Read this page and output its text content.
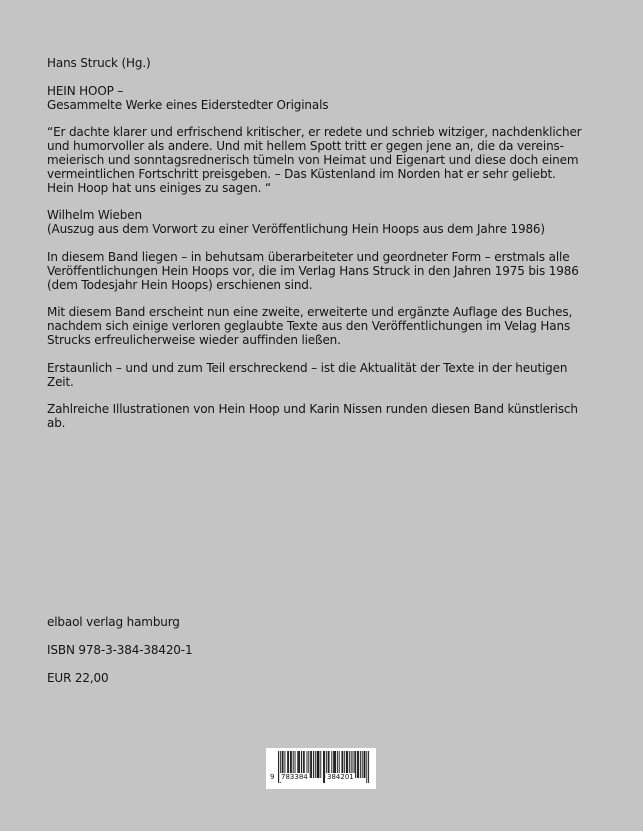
Hans Struck (Hg.)

HEIN HOOP –

Gesammelte Werke eines Eiderstedter Originals

“Er dachte klarer und erfrischend kritischer, er redete und schrieb witziger, nachdenklicher
und humorvoller als andere. Und mit hellem Spott tritt er gegen jene an, die da vereins-
meierisch und sonntagsrednerisch tümeln von Heimat und Eigenart und diese doch einem
vermeintlichen Fortschritt preisgeben. – Das Küstenland im Norden hat er sehr geliebt.
Hein Hoop hat uns einiges zu sagen. “

Wilhelm Wieben

(Auszug aus dem Vorwort zu einer Veröffentlichung Hein Hoops aus dem Jahre 1986)

In diesem Band liegen – in behutsam überarbeiteter und geordneter Form – erstmals alle
Veröffentlichungen Hein Hoops vor, die im Verlag Hans Struck in den Jahren 1975 bis 1986
(dem Todesjahr Hein Hoops) erschienen sind.

Mit diesem Band erscheint nun eine zweite, erweiterte und ergänzte Auflage des Buches,
nachdem sich einige verloren geglaubte Texte aus den Veröffentlichungen im Velag Hans
Strucks erfreulicherweise wieder auffinden ließen.

Erstaunlich – und und zum Teil erschreckend – ist die Aktualität der Texte in der heutigen
Zeit.

Zahlreiche Illustrationen von Hein Hoop und Karin Nissen runden diesen Band künstlerisch
ab.

elbaol verlag hamburg

ISBN 978-3-384-38420-1

EUR 22,00

9 783384	384201
